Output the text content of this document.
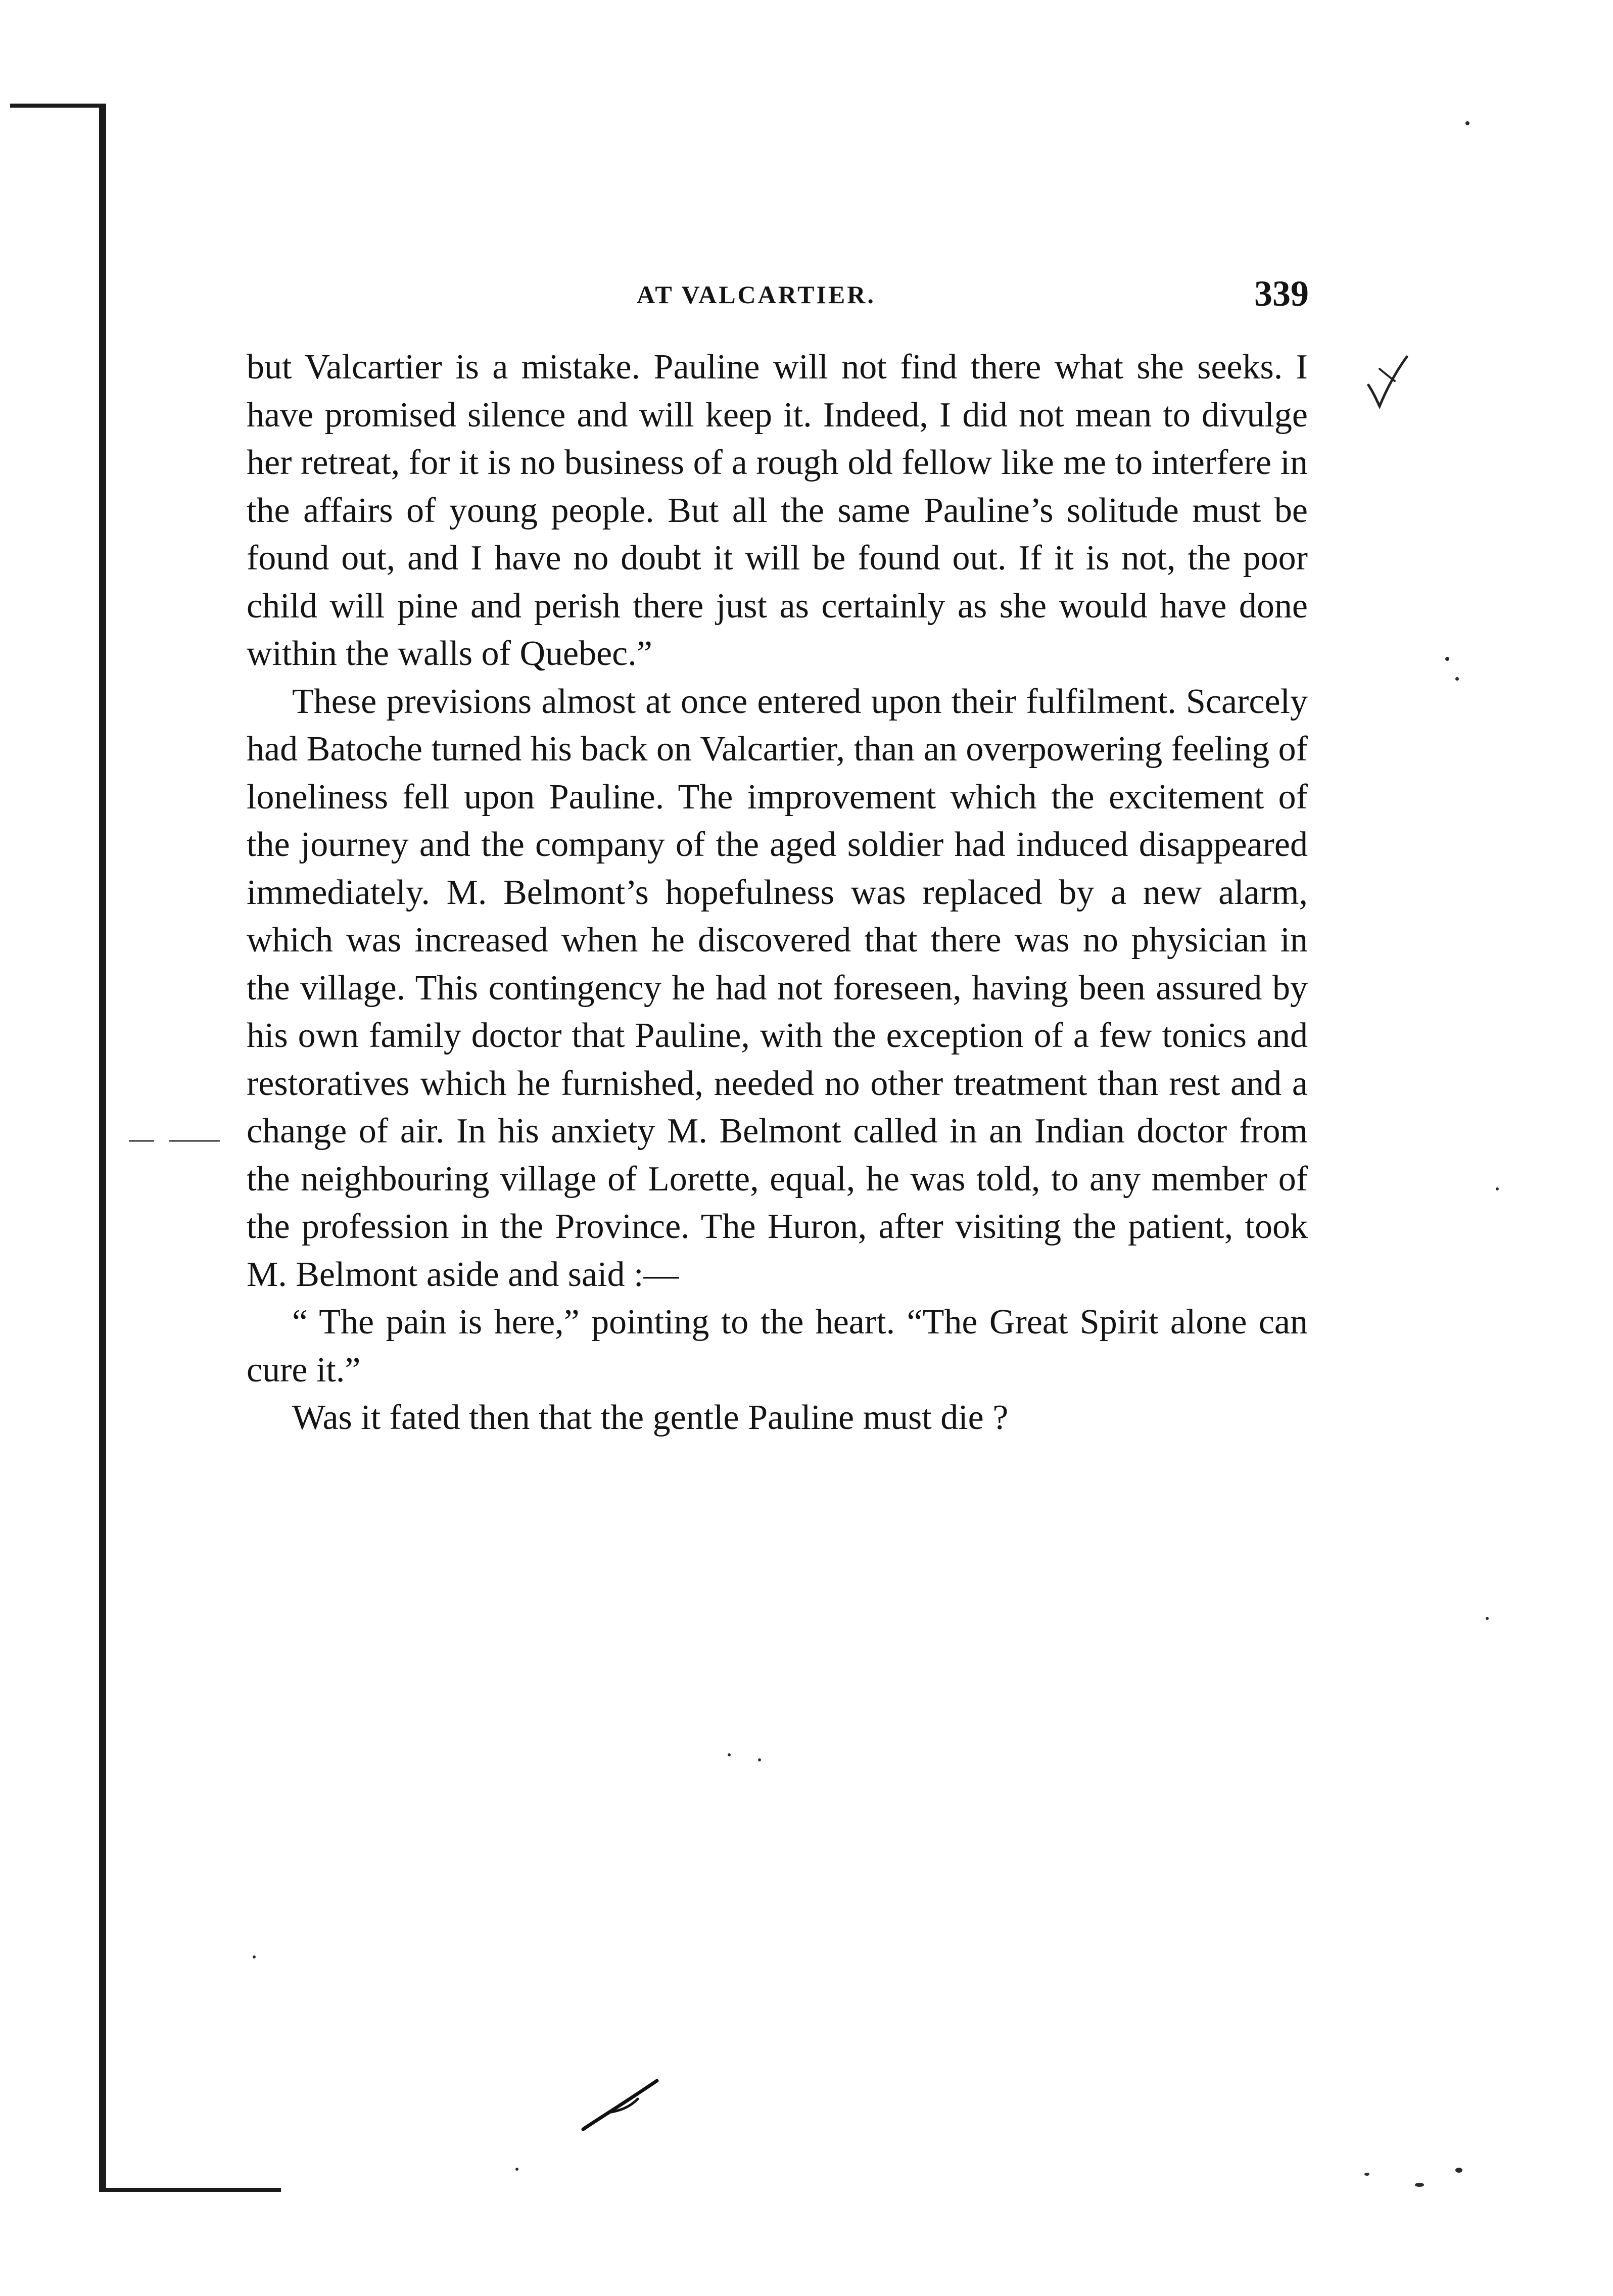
AT VALCARTIER.	339

but Valcartier is a mistake. Pauline will not find there what she seeks. I have promised silence and will keep it. Indeed, I did not mean to divulge her retreat, for it is no business of a rough old fellow like me to interfere in the affairs of young people. But all the same Pauline’s solitude must be found out, and I have no doubt it will be found out. If it is not, the poor child will pine and perish there just as certainly as she would have done within the walls of Quebec.”

These previsions almost at once entered upon their fulfilment. Scarcely had Batoche turned his back on Valcartier, than an overpowering feeling of loneliness fell upon Pauline. The improvement which the excitement of the journey and the company of the aged soldier had induced disappeared immediately. M. Belmont’s hopefulness was replaced by a new alarm, which was increased when he discovered that there was no physician in the village. This contingency he had not foreseen, having been assured by his own family doctor that Pauline, with the exception of a few tonics and restoratives which he furnished, needed no other treatment than rest and a change of air. In his anxiety M. Belmont called in an Indian doctor from the neighbouring village of Lorette, equal, he was told, to any member of the profession in the Province. The Huron, after visiting the patient, took M. Belmont aside and said :—

“ The pain is here,” pointing to the heart. “The Great Spirit alone can cure it.”

Was it fated then that the gentle Pauline must die ?
